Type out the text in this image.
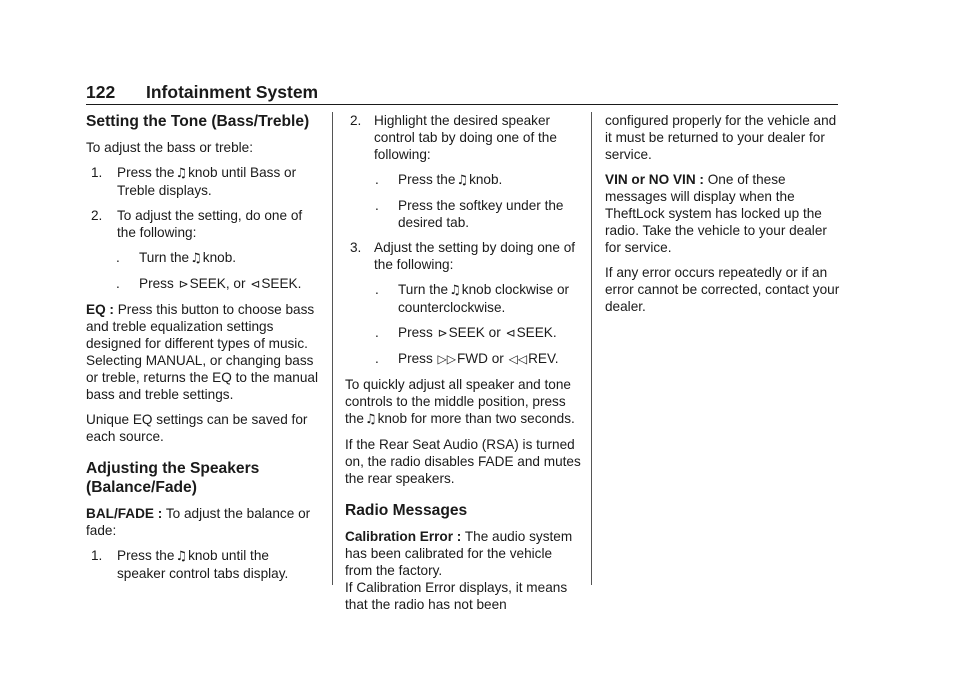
122 Infotainment System
Setting the Tone (Bass/Treble)

To adjust the bass or treble:

1. Press the♫knob until Bass or Treble displays.
2. To adjust the setting, do one of the following:
. Turn the♫knob.
. Press ⊳SEEK, or ⊲SEEK.

EQ : Press this button to choose bass and treble equalization settings designed for different types of music. Selecting MANUAL, or changing bass or treble, returns the EQ to the manual bass and treble settings.

Unique EQ settings can be saved for each source.

Adjusting the Speakers (Balance/Fade)

BAL/FADE : To adjust the balance or fade:

1. Press the♫knob until the speaker control tabs display.
2. Highlight the desired speaker control tab by doing one of the following:
. Press the♫knob.
. Press the softkey under the desired tab.
3. Adjust the setting by doing one of the following:
. Turn the♫knob clockwise or counterclockwise.
. Press ⊳SEEK or ⊲SEEK.
. Press ▷▷FWD or ◁◁REV.

To quickly adjust all speaker and tone controls to the middle position, press the♫knob for more than two seconds.

If the Rear Seat Audio (RSA) is turned on, the radio disables FADE and mutes the rear speakers.

Radio Messages

Calibration Error : The audio system has been calibrated for the vehicle from the factory.

If Calibration Error displays, it means that the radio has not been

configured properly for the vehicle and it must be returned to your dealer for service.

VIN or NO VIN : One of these messages will display when the TheftLock system has locked up the radio. Take the vehicle to your dealer for service.

If any error occurs repeatedly or if an error cannot be corrected, contact your dealer.
